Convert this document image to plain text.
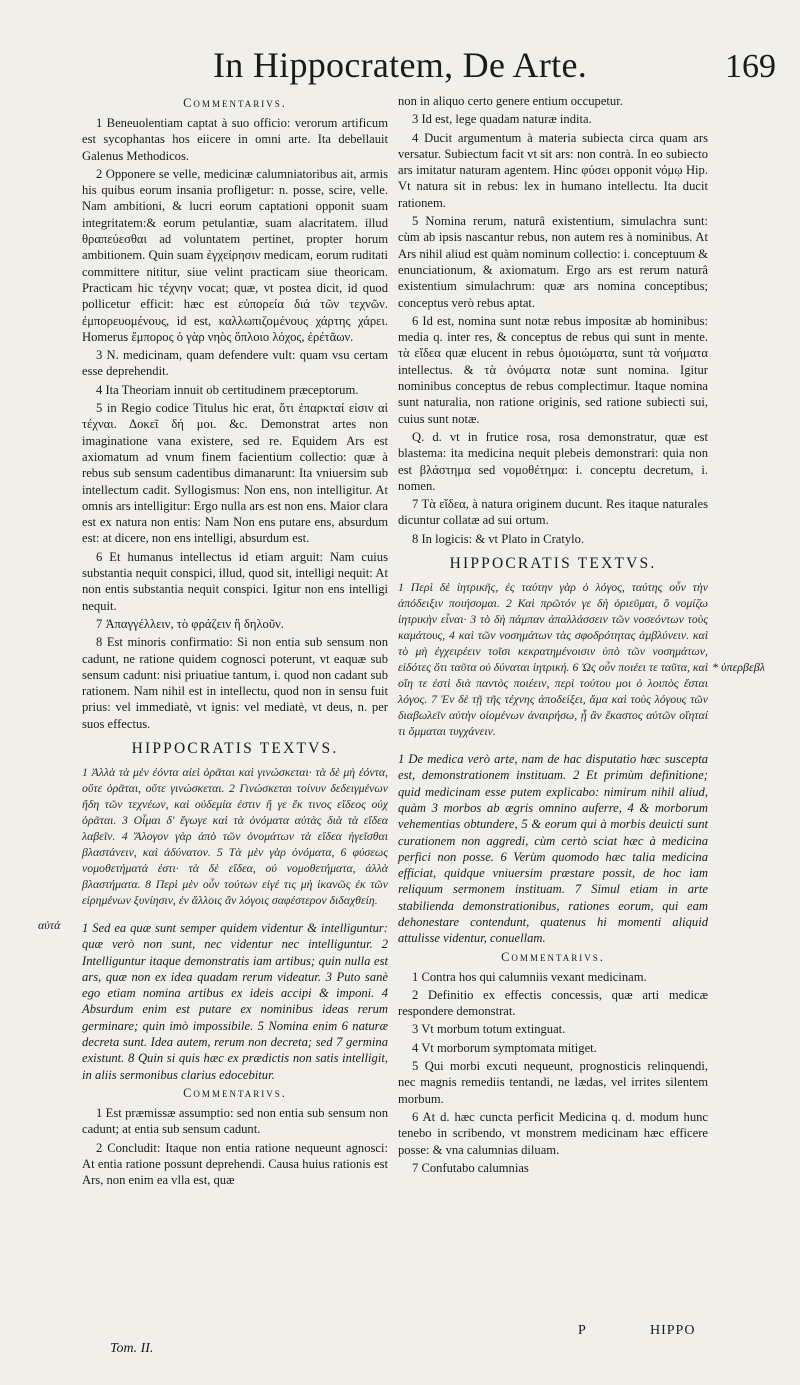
In Hippocratem, De Arte.	169
Commentarivs.

1 Beneuolentiam captat à suo officio: verorum artificum est sycophantas hos eiicere in omni arte. Ita debellauit Galenus Methodicos.

2 Opponere se velle, medicinæ calumniatoribus ait, armis his quibus eorum insania profligetur: n. posse, scire, velle. Nam ambitioni, & lucri eorum captationi opponit suam integritatem:& eorum petulantiæ, suam alacritatem. illud θραπεύεσθαι ad voluntatem pertinet, propter horum ambitionem. Quin suam ἐγχείρησιν medicam, eorum ruditati committere nititur, siue velint practicam siue theoricam. Practicam hic τέχνην vocat; quæ, vt postea dicit, id quod pollicetur efficit: hæc est εὐπορεία διά τῶν τεχνῶν. ἐμπορευομένους, id est, καλλωπιζομένους χάρτης χάρει. Homerus ἔμπορος ὁ γὰρ νηὸς ὅπλοιο λόχος, ἐρέτᾶων.

3 N. medicinam, quam defendere vult: quam vsu certam esse deprehendit.

4 Ita Theoriam innuit ob certitudinem præceptorum.

5 in Regio codice Titulus hic erat, ὅτι ἐπαρκταί εἰσιν αἱ τέχναι. Δοκεῖ δή μοι. &c. Demonstrat artes non imaginatione vana existere, sed re. Equidem Ars est axiomatum ad vnum finem facientium collectio: quæ à rebus sub sensum cadentibus dimanarunt: Ita vniuersim sub intellectum cadit. Syllogismus: Non ens, non intelligitur. At omnis ars intelligitur: Ergo nulla ars est non ens. Maior clara est ex natura non entis: Nam Non ens putare ens, absurdum est: at dicere, non ens intelligi, absurdum est.

6 Et humanus intellectus id etiam arguit: Nam cuius substantia nequit conspici, illud, quod sit, intelligi nequit: At non entis substantia nequit conspici. Igitur non ens intelligi nequit.

7 Ἀπαγγέλλειν, τὸ φράζειν ἢ δηλοῦν.

8 Est minoris confirmatio: Si non entia sub sensum non cadunt, ne ratione quidem cognosci poterunt, vt eaquæ sub sensum cadunt: nisi priuatiue tantum, i. quod non cadant sub rationem. Nam nihil est in intellectu, quod non in sensu fuit prius: vel immediatè, vt ignis: vel mediatè, vt deus, n. per suos effectus.

HIPPOCRATIS TEXTVS.

1 Ἀλλὰ τὰ μὲν ἐόντα αἰεὶ ὁρᾶται καὶ γινώσκεται· τὰ δὲ μὴ ἐόντα, οὔτε ὁρᾶται, οὔτε γινώσκεται. 2 Γινώσκεται τοίνυν δεδειγμένων ἤδη τῶν τεχνέων, καὶ οὐδεμία ἐστιν ἥ γε ἔκ τινος εἴδεος οὐχ ὁρᾶται. 3 Οἶμαι δ' ἔγωγε καὶ τὰ ὀνόματα αὐτὰς διὰ τὰ εἴδεα λαβεῖν. 4 Ἄλογον γὰρ ἀπὸ τῶν ὀνομάτων τὰ εἴδεα ἡγεῖσθαι βλαστάνειν, καὶ ἀδύνατον. 5 Τὰ μὲν γὰρ ὀνόματα, 6 φύσεως νομοθετήματά ἐστι· τὰ δὲ εἴδεα, οὐ νομοθετήματα, ἀλλὰ βλαστήματα. 8 Περὶ μὲν οὖν τούτων εἰγέ τις μὴ ἱκανῶς ἐκ τῶν εἰρημένων ξυνίησιν, ἐν ἄλλοις ἂν λόγοις σαφέστερον διδαχθείη.

1 Sed ea quæ sunt semper quidem videntur & intelliguntur: quæ verò non sunt, nec videntur nec intelliguntur. 2 Intelliguntur itaque demonstratis iam artibus; quin nulla est ars, quæ non ex idea quadam rerum videatur. 3 Puto sanè ego etiam nomina artibus ex ideis accipi & imponi. 4 Absurdum enim est putare ex nominibus ideas rerum germinare; quin imò impossibile. 5 Nomina enim 6 naturæ decreta sunt. Idea autem, rerum non decreta; sed 7 germina existunt. 8 Quin si quis hæc ex prædictis non satis intelligit, in aliis sermonibus clarius edocebitur.

Commentarivs.

1 Est præmissæ assumptio: sed non entia sub sensum non cadunt; at entia sub sensum cadunt.

2 Concludit: Itaque non entia ratione nequeunt agnosci: At entia ratione possunt deprehendi. Causa huius rationis est Ars, non enim ea vlla est, quæ

αὐτά
Tom. II.

non in aliquo certo genere entium occupetur.

3 Id est, lege quadam naturæ indita.

4 Ducit argumentum à materia subiecta circa quam ars versatur. Subiectum facit vt sit ars: non contrà. In eo subiecto ars imitatur naturam agentem. Hinc φύσει opponit νόμῳ Hip. Vt natura sit in rebus: lex in humano intellectu. Ita ducit rationem.

5 Nomina rerum, naturâ existentium, simulachra sunt: cùm ab ipsis nascantur rebus, non autem res à nominibus. At Ars nihil aliud est quàm nominum collectio: i. conceptuum & enunciationum, & axiomatum. Ergo ars est rerum naturâ existentium simulachrum: quæ ars nomina conceptibus; conceptus verò rebus aptat.

6 Id est, nomina sunt notæ rebus impositæ ab hominibus: media q. inter res, & conceptus de rebus qui sunt in mente. τὰ εἴδεα quæ elucent in rebus ὁμοιώματα, sunt τὰ νοήματα intellectus. & τὰ ὀνόματα notæ sunt nomina. Igitur nominibus conceptus de rebus complectimur. Itaque nomina sunt naturalia, non ratione originis, sed ratione subiecti sui, cuius sunt notæ.

Q. d. vt in frutice rosa, rosa demonstratur, quæ est blastema: ita medicina nequit plebeis demonstrari: quia non est βλάστημα sed νομοθέτημα: i. conceptu decretum, i. nomen.

7 Τὰ εἴδεα, à natura originem ducunt. Res itaque naturales dicuntur collatæ ad sui ortum.

8 In logicis: & vt Plato in Cratylo.

HIPPOCRATIS TEXTVS.

1 Περὶ δὲ ἰητρικῆς, ἐς ταύτην γὰρ ὁ λόγος, ταύτης οὖν τὴν ἀπόδειξιν ποιήσομαι. 2 Καὶ πρῶτόν γε δὴ ὁριεῦμαι, ὃ νομίζω ἰητρικὴν εἶναι· 3 τὸ δὴ πάμπαν ἀπαλλάσσειν τῶν νοσεόντων τοὺς καμάτους, 4 καὶ τῶν νοσημάτων τὰς σφοδρότητας ἀμβλύνειν. καὶ τὸ μὴ ἐγχειρέειν τοῖσι κεκρατημένοισιν ὑπὸ τῶν νοσημάτων, εἰδότες ὅτι ταῦτα οὐ δύναται ἰητρική. 6 Ὡς οὖν ποιέει τε ταῦτα, καὶ οἵη τε ἐστὶ διὰ παντὸς ποιέειν, περὶ τούτου μοι ὁ λοιπὸς ἔσται λόγος. 7 Ἐν δὲ τῇ τῆς τέχνης ἀποδείξει, ἅμα καὶ τοὺς λόγους τῶν διαβωλεῖν αὐτὴν οἰομένων ἀναιρήσω, ᾗ ἂν ἕκαστος αὐτῶν οἴηταί τι ὄμμαται τυγχάνειν.

1 De medica verò arte, nam de hac disputatio hæc suscepta est, demonstrationem instituam. 2 Et primùm definitione; quid medicinam esse putem explicabo: nimirum nihil aliud, quàm 3 morbos ab ægris omnino auferre, 4 & morborum vehementias obtundere, 5 & eorum qui à morbis deuicti sunt curationem non aggredi, cùm certò sciat hæc à medicina perfici non posse. 6 Verùm quomodo hæc talia medicina efficiat, quidque vniuersim præstare possit, de hoc iam reliquum sermonem instituam. 7 Simul etiam in arte stabilienda demonstrationibus, rationes eorum, qui eam dehonestare contendunt, quatenus hi momenti aliquid attulisse videntur, conuellam.

Commentarivs.

1 Contra hos qui calumniis vexant medicinam.

2 Definitio ex effectis concessis, quæ arti medicæ respondere demonstrat.

3 Vt morbum totum extinguat.

4 Vt morborum symptomata mitiget.

5 Qui morbi excuti nequeunt, prognosticis relinquendi, nec magnis remediis tentandi, ne lædas, vel irrites silentem morbum.

6 At d. hæc cuncta perficit Medicina q. d. modum hunc tenebo in scribendo, vt monstrem medicinam hæc efficere posse: & vna calumnias diluam.

7 Confutabo calumnias

* ὑπερβεβλ
P	HIPPO
